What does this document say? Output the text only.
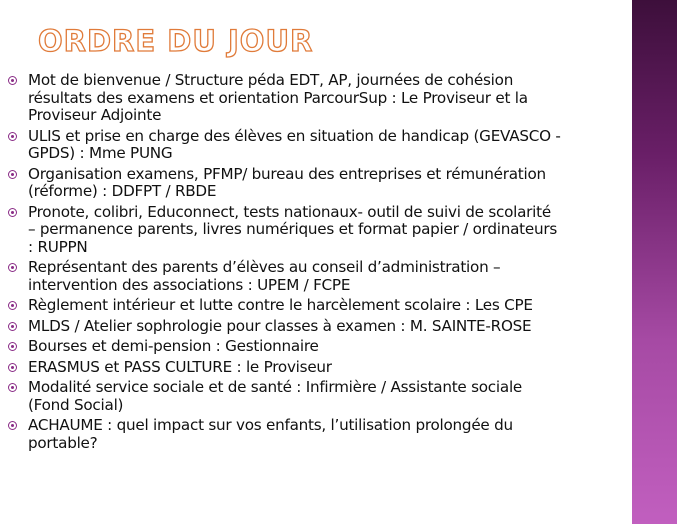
ORDRE DU JOUR
Mot de bienvenue / Structure péda EDT, AP, journées de cohésion
résultats des examens et orientation ParcourSup : Le Proviseur et la
Proviseur Adjointe
ULIS et prise en charge des élèves en situation de handicap (GEVASCO -
GPDS) : Mme PUNG
Organisation examens, PFMP/ bureau des entreprises et rémunération
(réforme) : DDFPT / RBDE
Pronote, colibri, Educonnect, tests nationaux- outil de suivi de scolarité
– permanence parents, livres numériques et format papier / ordinateurs
: RUPPN
Représentant des parents d’élèves au conseil d’administration –
intervention des associations : UPEM / FCPE
Règlement intérieur et lutte contre le harcèlement scolaire : Les CPE
MLDS / Atelier sophrologie pour classes à examen : M. SAINTE-ROSE
Bourses et demi-pension : Gestionnaire
ERASMUS et PASS CULTURE : le Proviseur
Modalité service sociale et de santé : Infirmière / Assistante sociale
(Fond Social)
ACHAUME : quel impact sur vos enfants, l’utilisation prolongée du
portable?
